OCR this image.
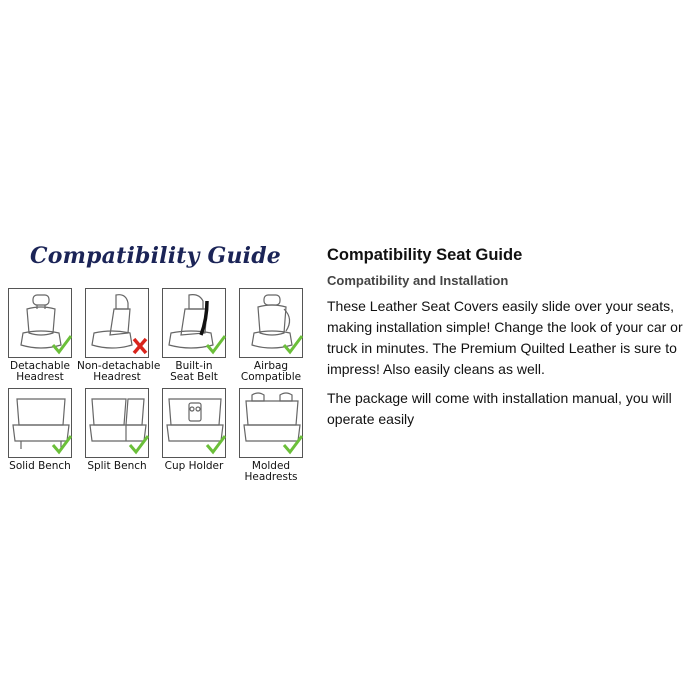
Compatibility Guide
Detachable
Headrest
Non-detachable
Headrest
Built-in
Seat Belt
Airbag
Compatible
Solid Bench	Split Bench	Cup Holder	Molded
Headrests
Compatibility Seat Guide
Compatibility and Installation
These Leather Seat Covers easily slide over your seats, making installation simple! Change the look of your car or truck in minutes. The Premium Quilted Leather is sure to impress! Also easily cleans as well.
The package will come with installation manual, you will operate easily
